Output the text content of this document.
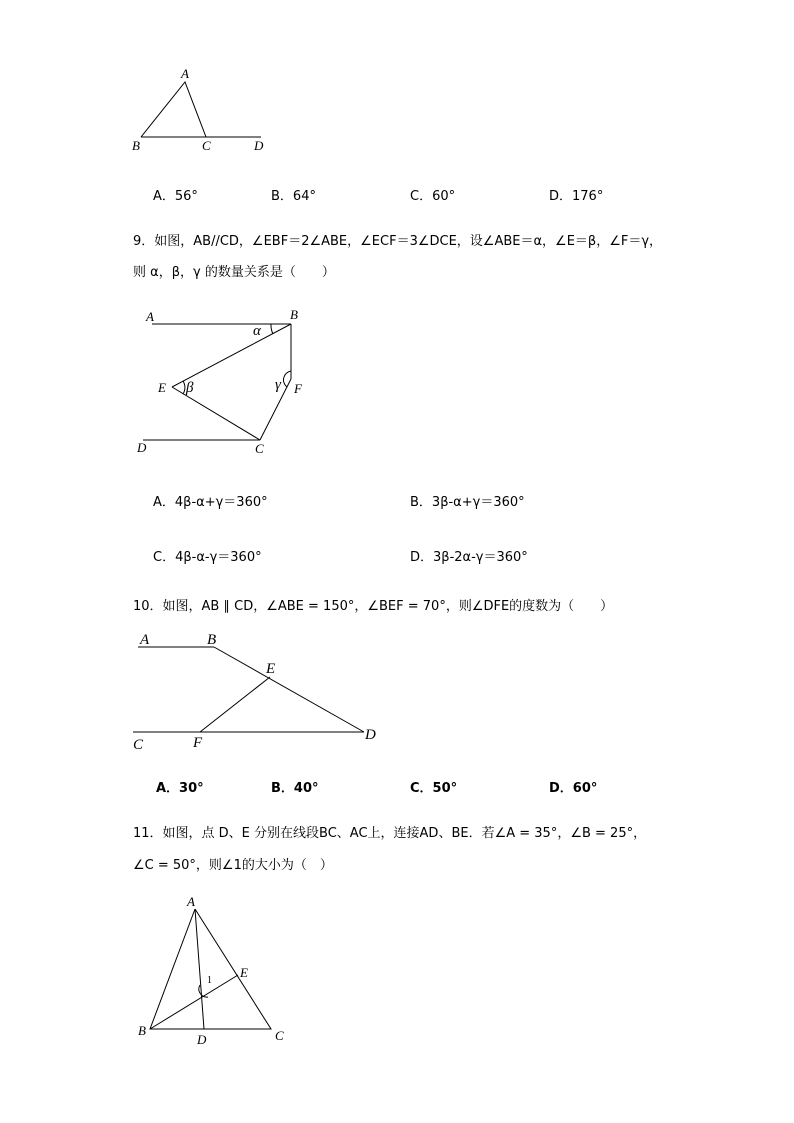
A
B	C	D
A．56°	B．64°	C．60°	D．176°
9．如图，AB//CD，∠EBF＝2∠ABE，∠ECF＝3∠DCE，设∠ABE＝α，∠E＝β，∠F＝γ，
则 α，β，γ 的数量关系是（　　）
A	B
C
D
E	F
α
β	γ
A．4β-α+γ＝360°	B．3β-α+γ＝360°
C．4β-α-γ＝360°	D．3β-2α-γ＝360°
10．如图，AB ∥ CD，∠ABE = 150°，∠BEF = 70°，则∠DFE的度数为（　　）
A	B
C
D
E
F
A．30°	B．40°	C．50°	D．60°
11．如图，点 D、E 分别在线段BC、AC上，连接AD、BE．若∠A = 35°，∠B = 25°，
∠C = 50°，则∠1的大小为（　）
A
B	C
D
E
1
